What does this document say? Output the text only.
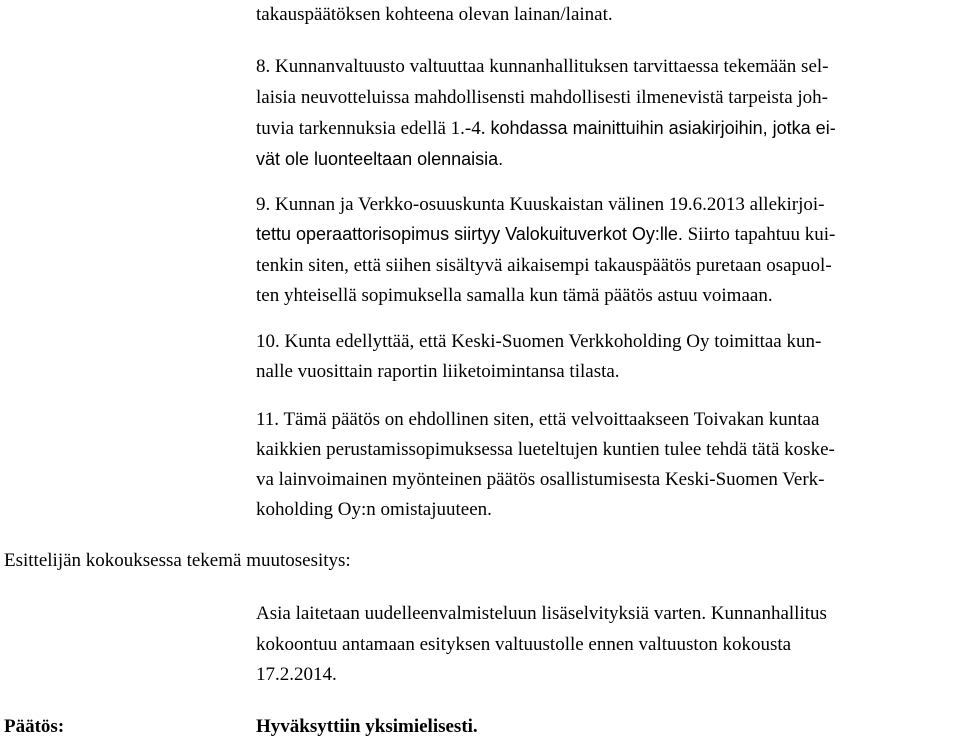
takauspäätöksen kohteena olevan lainan/lainat.
8. Kunnanvaltuusto valtuuttaa kunnanhallituksen tarvittaessa tekemään sel-
laisia neuvotteluissa mahdollisensti mahdollisesti ilmenevistä tarpeista joh-
tuvia tarkennuksia edellä 1.-4. kohdassa mainittuihin asiakirjoihin, jotka ei-
vät ole luonteeltaan olennaisia.
9. Kunnan ja Verkko-osuuskunta Kuuskaistan välinen 19.6.2013 allekirjoi-
tettu operaattorisopimus siirtyy Valokuituverkot Oy:lle. Siirto tapahtuu kui-
tenkin siten, että siihen sisältyvä aikaisempi takauspäätös puretaan osapuol-
ten yhteisellä sopimuksella samalla kun tämä päätös astuu voimaan.
10. Kunta edellyttää, että Keski-Suomen Verkkoholding Oy toimittaa kun-
nalle vuosittain raportin liiketoimintansa tilasta.
11. Tämä päätös on ehdollinen siten, että velvoittaakseen Toivakan kuntaa
kaikkien perustamissopimuksessa lueteltujen kuntien tulee tehdä tätä koske-
va lainvoimainen myönteinen päätös osallistumisesta Keski-Suomen Verk-
koholding Oy:n omistajuuteen.
Esittelijän kokouksessa tekemä muutosesitys:
Asia laitetaan uudelleenvalmisteluun lisäselvityksiä varten. Kunnanhallitus
kokoontuu antamaan esityksen valtuustolle ennen valtuuston kokousta
17.2.2014.
Päätös:	Hyväksyttiin yksimielisesti.
